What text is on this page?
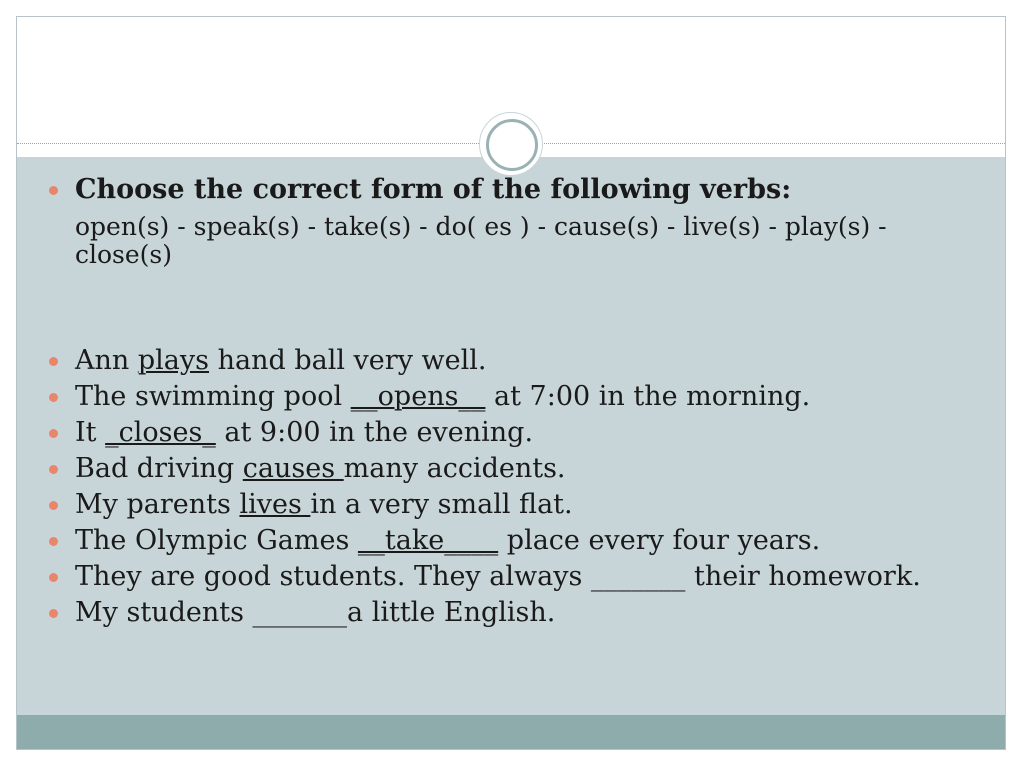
Choose the correct form of the following verbs:
open(s) - speak(s) - take(s) - do( es ) - cause(s) - live(s) - play(s) -
close(s)
Ann plays hand ball very well.
The swimming pool __opens__ at 7:00 in the morning.
It _closes_ at 9:00 in the evening.
Bad driving causes many accidents.
My parents lives in a very small flat.
The Olympic Games __take____ place every four years.
They are good students. They always _______ their homework.
My students _______a little English.
